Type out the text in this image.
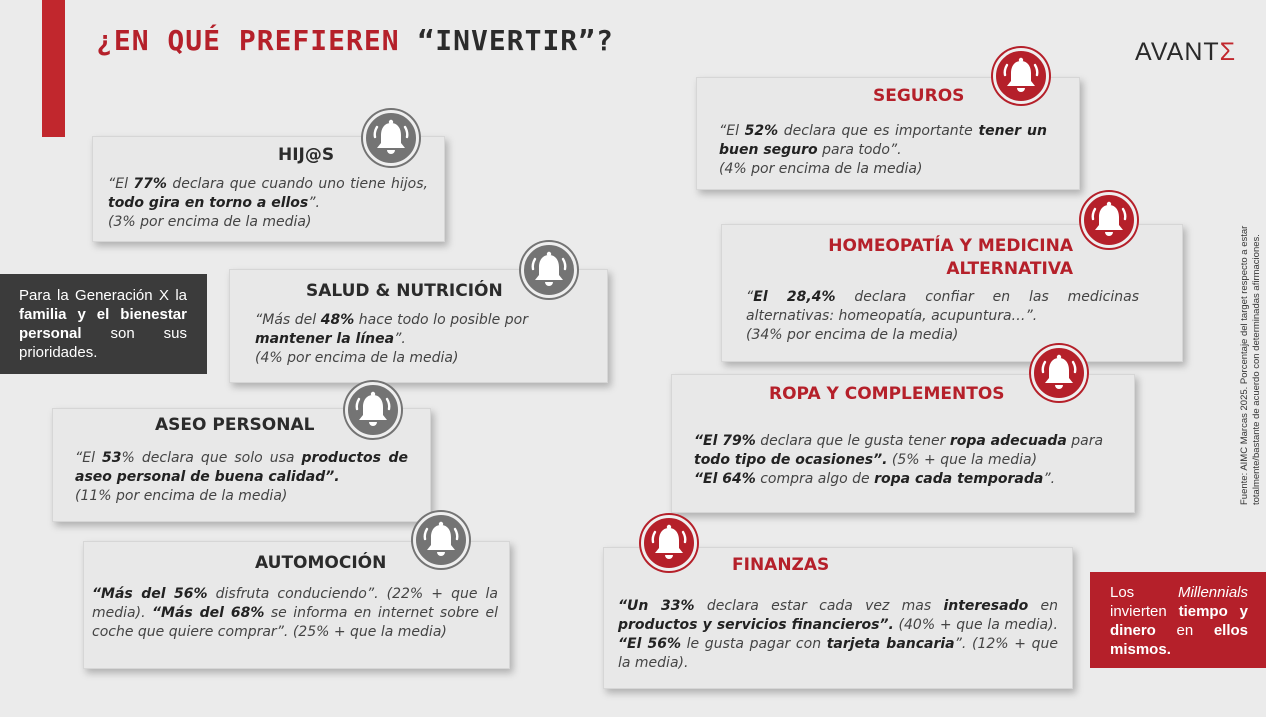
¿EN QUÉ PREFIEREN “INVERTIR”?	AVANTΣ
Fuente: AIMC Marcas 2025. Porcentaje del target respecto a estar totalmente/bastante de acuerdo con determinadas afirmaciones.
HIJ@S
“El 77% declara que cuando uno tiene hijos, todo gira en torno a ellos”.
(3% por encima de la media)
SALUD & NUTRICIÓN
“Más del 48% hace todo lo posible por mantener la línea”.
(4% por encima de la media)
ASEO PERSONAL
“El 53% declara que solo usa productos de aseo personal de buena calidad”.
(11% por encima de la media)
AUTOMOCIÓN
“Más del 56% disfruta conduciendo”. (22% + que la media). “Más del 68% se informa en internet sobre el coche que quiere comprar”. (25% + que la media)
SEGUROS
“El 52% declara que es importante tener un buen seguro para todo”.
(4% por encima de la media)
HOMEOPATÍA Y MEDICINA
ALTERNATIVA
“El 28,4% declara confiar en las medicinas alternativas: homeopatía, acupuntura…”.
(34% por encima de la media)
ROPA Y COMPLEMENTOS
“El 79% declara que le gusta tener ropa adecuada para todo tipo de ocasiones”. (5% + que la media)
“El 64% compra algo de ropa cada temporada”.
FINANZAS
“Un 33% declara estar cada vez mas interesado en productos y servicios financieros”. (40% + que la media). “El 56% le gusta pagar con tarjeta bancaria”. (12% + que la media).
Para la Generación X la familia y el bienestar personal son sus prioridades.
Los Millennials invierten tiempo y dinero en ellos mismos.
